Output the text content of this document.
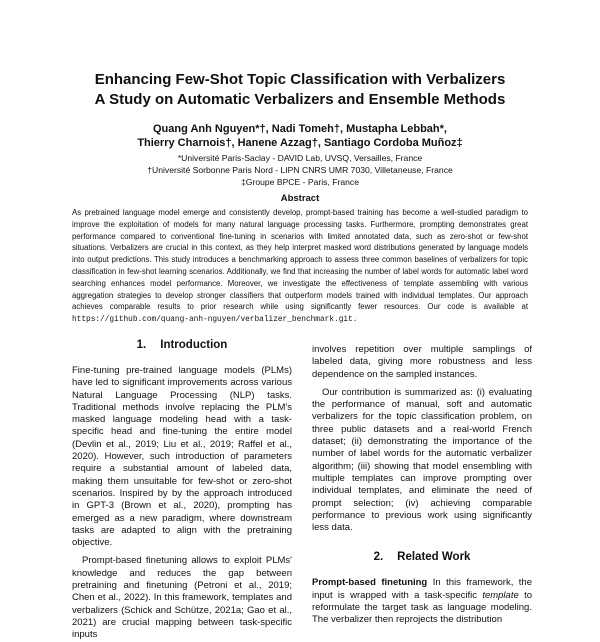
Enhancing Few-Shot Topic Classification with Verbalizers
A Study on Automatic Verbalizers and Ensemble Methods
Quang Anh Nguyen*†, Nadi Tomeh†, Mustapha Lebbah*,
Thierry Charnois†, Hanene Azzag†, Santiago Cordoba Muñoz‡
*Université Paris-Saclay - DAVID Lab, UVSQ, Versailles, France
†Université Sorbonne Paris Nord - LIPN CNRS UMR 7030, Villetaneuse, France
‡Groupe BPCE - Paris, France
Abstract
As pretrained language model emerge and consistently develop, prompt-based training has become a well-studied paradigm to improve the exploitation of models for many natural language processing tasks. Furthermore, prompting demonstrates great performance compared to conventional fine-tuning in scenarios with limited annotated data, such as zero-shot or few-shot situations. Verbalizers are crucial in this context, as they help interpret masked word distributions generated by language models into output predictions. This study introduces a benchmarking approach to assess three common baselines of verbalizers for topic classification in few-shot learning scenarios. Additionally, we find that increasing the number of label words for automatic label word searching enhances model performance. Moreover, we investigate the effectiveness of template assembling with various aggregation strategies to develop stronger classifiers that outperform models trained with individual templates. Our approach achieves comparable results to prior research while using significantly fewer resources. Our code is available at https://github.com/quang-anh-nguyen/verbalizer_benchmark.git.
1. Introduction

Fine-tuning pre-trained language models (PLMs) have led to significant improvements across various Natural Language Processing (NLP) tasks. Traditional methods involve replacing the PLM's masked language modeling head with a task-specific head and fine-tuning the entire model (Devlin et al., 2019; Liu et al., 2019; Raffel et al., 2020). However, such introduction of parameters require a substantial amount of labeled data, making them unsuitable for few-shot or zero-shot scenarios. Inspired by by the approach introduced in GPT-3 (Brown et al., 2020), prompting has emerged as a new paradigm, where downstream tasks are adapted to align with the pretraining objective.

Prompt-based finetuning allows to exploit PLMs' knowledge and reduces the gap between pretraining and finetuning (Petroni et al., 2019; Chen et al., 2022). In this framework, templates and verbalizers (Schick and Schütze, 2021a; Gao et al., 2021) are crucial mapping between task-specific inputs

involves repetition over multiple samplings of labeled data, giving more robustness and less dependence on the sampled instances.

Our contribution is summarized as: (i) evaluating the performance of manual, soft and automatic verbalizers for the topic classification problem, on three public datasets and a real-world French dataset; (ii) demonstrating the importance of the number of label words for the automatic verbalizer algorithm; (iii) showing that model ensembling with multiple templates can improve prompting over individual templates, and eliminate the need of prompt selection; (iv) achieving comparable performance to previous work using significantly less data.

2. Related Work

Prompt-based finetuning In this framework, the input is wrapped with a task-specific template to reformulate the target task as language modeling. The verbalizer then reprojects the distribution
